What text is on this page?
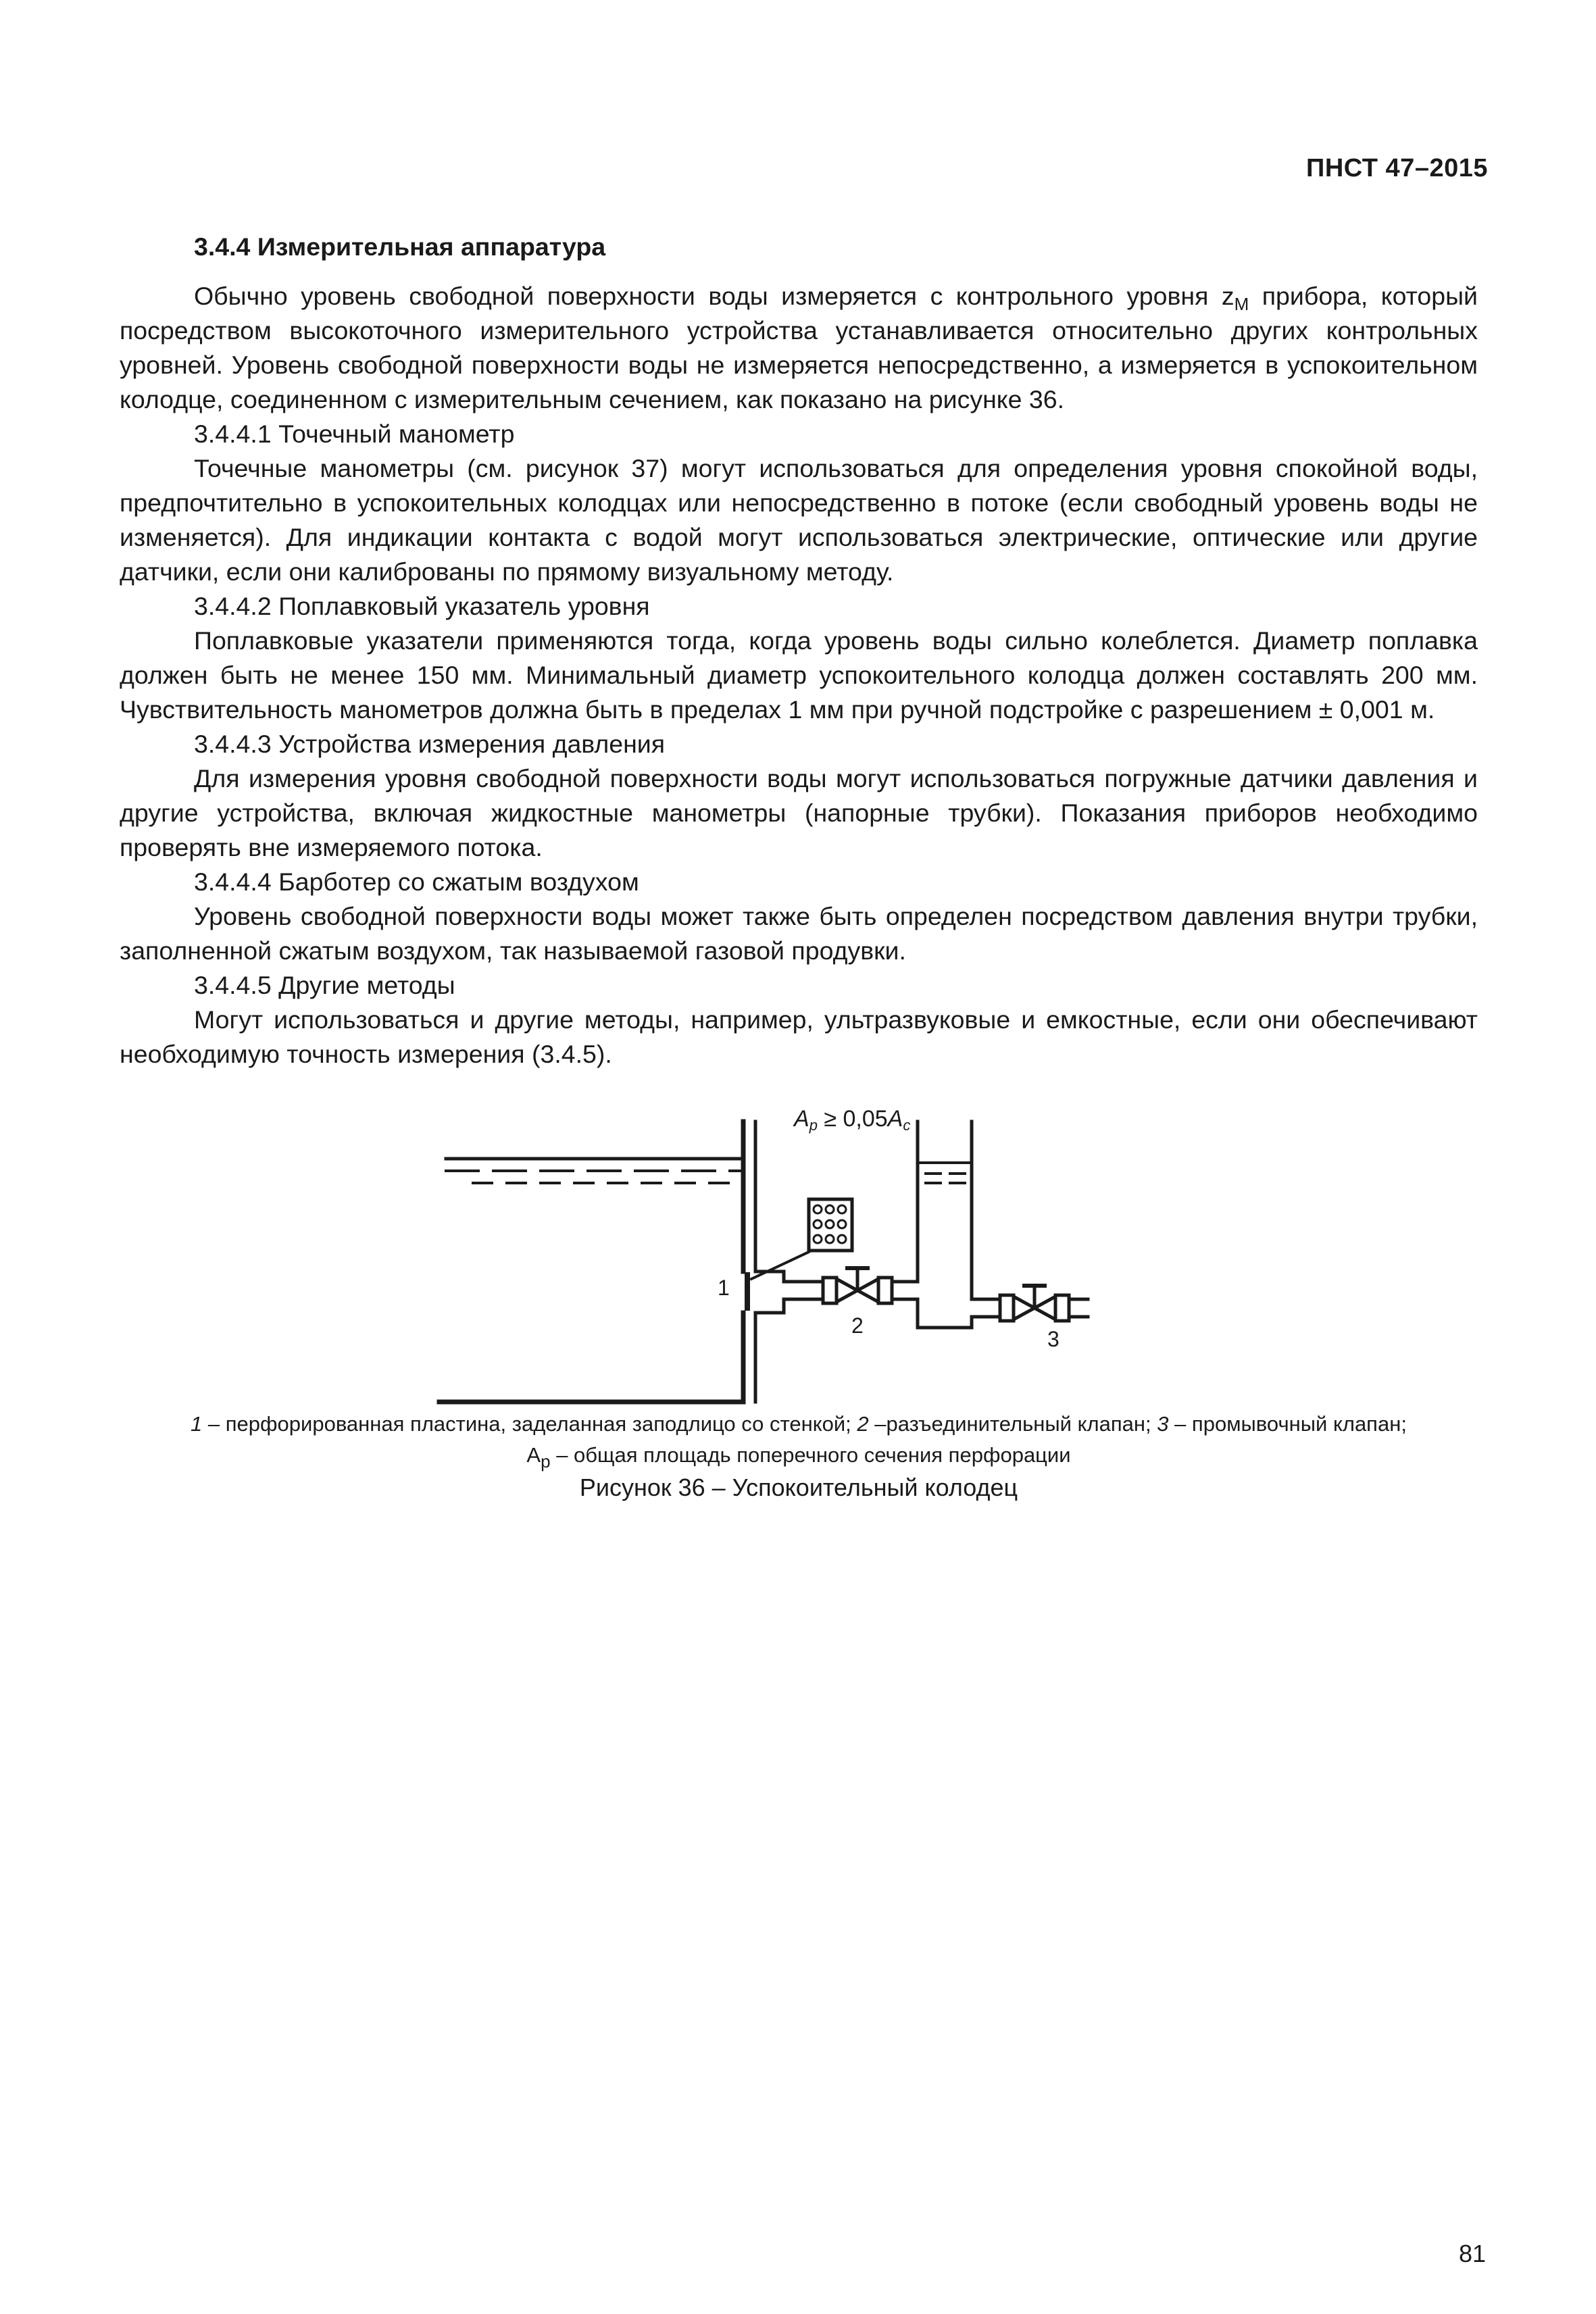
ПНСТ 47–2015
3.4.4 Измерительная аппаратура

Обычно уровень свободной поверхности воды измеряется с контрольного уровня $z_М$ прибора, который посредством высокоточного измерительного устройства устанавливается относительно других контрольных уровней. Уровень свободной поверхности воды не измеряется непосредственно, а измеряется в успокоительном колодце, соединенном с измерительным сечением, как показано на рисунке 36.

3.4.4.1 Точечный манометр

Точечные манометры (см. рисунок 37) могут использоваться для определения уровня спокойной воды, предпочтительно в успокоительных колодцах или непосредственно в потоке (если свободный уровень воды не изменяется). Для индикации контакта с водой могут использоваться электрические, оптические или другие датчики, если они калиброваны по прямому визуальному методу.

3.4.4.2 Поплавковый указатель уровня

Поплавковые указатели применяются тогда, когда уровень воды сильно колеблется. Диаметр поплавка должен быть не менее 150 мм. Минимальный диаметр успокоительного колодца должен составлять 200 мм. Чувствительность манометров должна быть в пределах 1 мм при ручной подстройке с разрешением ± 0,001 м.

3.4.4.3 Устройства измерения давления

Для измерения уровня свободной поверхности воды могут использоваться погружные датчики давления и другие устройства, включая жидкостные манометры (напорные трубки). Показания приборов необходимо проверять вне измеряемого потока.

3.4.4.4 Барботер со сжатым воздухом

Уровень свободной поверхности воды может также быть определен посредством давления внутри трубки, заполненной сжатым воздухом, так называемой газовой продувки.

3.4.4.5 Другие методы

Могут использоваться и другие методы, например, ультразвуковые и емкостные, если они обеспечивают необходимую точность измерения (3.4.5).

Ap ≥ 0,05Ac
1
2
3
1 – перфорированная пластина, заделанная заподлицо со стенкой; 2 –разъединительный клапан; 3 – промывочный клапан;
$A_p$ – общая площадь поперечного сечения перфорации
Рисунок 36 – Успокоительный колодец
81
